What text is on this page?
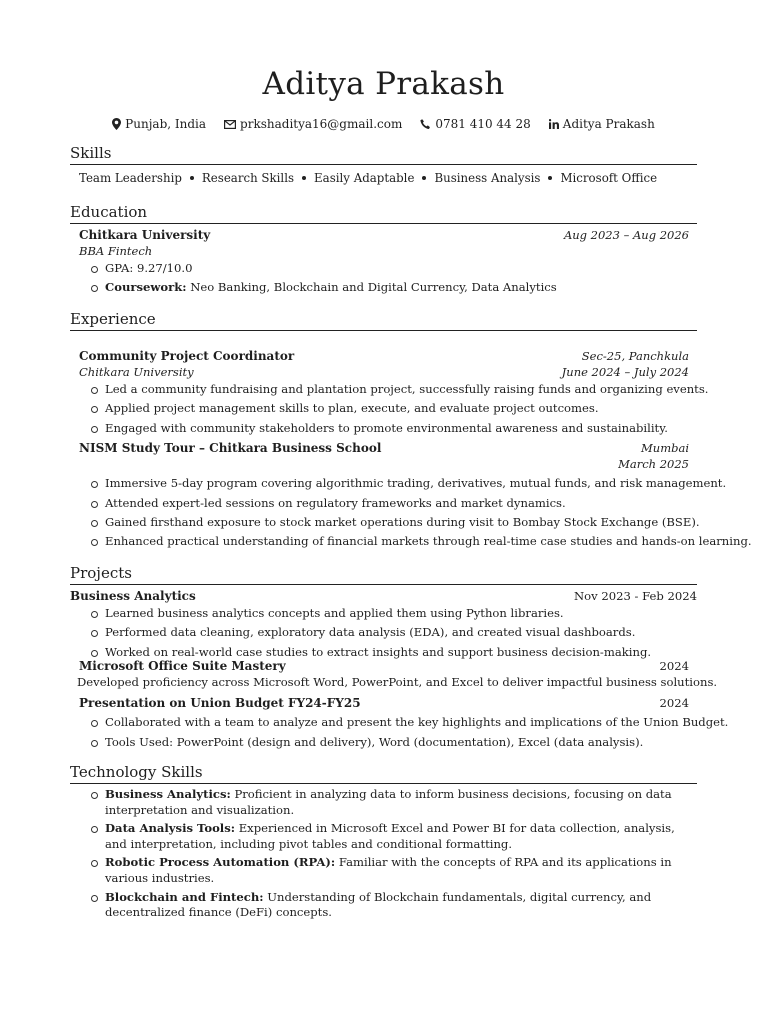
Aditya Prakash
Punjab, India	prkshaditya16@gmail.com	0781 410 44 28	Aditya Prakash
Skills
Team Leadership Research Skills Easily Adaptable Business Analysis Microsoft Office
Education
Chitkara University	Aug 2023 – Aug 2026
BBA Fintech
GPA: 9.27/10.0
Coursework: Neo Banking, Blockchain and Digital Currency, Data Analytics
Experience
Community Project Coordinator	Sec-25, Panchkula
Chitkara University	June 2024 – July 2024
Led a community fundraising and plantation project, successfully raising funds and organizing events.
Applied project management skills to plan, execute, and evaluate project outcomes.
Engaged with community stakeholders to promote environmental awareness and sustainability.
NISM Study Tour – Chitkara Business School	Mumbai
March 2025
Immersive 5-day program covering algorithmic trading, derivatives, mutual funds, and risk management.
Attended expert-led sessions on regulatory frameworks and market dynamics.
Gained firsthand exposure to stock market operations during visit to Bombay Stock Exchange (BSE).
Enhanced practical understanding of financial markets through real-time case studies and hands-on learning.
Projects
Business Analytics	Nov 2023 - Feb 2024
Learned business analytics concepts and applied them using Python libraries.
Performed data cleaning, exploratory data analysis (EDA), and created visual dashboards.
Worked on real-world case studies to extract insights and support business decision-making.
Microsoft Office Suite Mastery	2024
Developed proficiency across Microsoft Word, PowerPoint, and Excel to deliver impactful business solutions.
Presentation on Union Budget FY24-FY25	2024
Collaborated with a team to analyze and present the key highlights and implications of the Union Budget.
Tools Used: PowerPoint (design and delivery), Word (documentation), Excel (data analysis).
Technology Skills
Business Analytics: Proficient in analyzing data to inform business decisions, focusing on data interpretation and visualization.
Data Analysis Tools: Experienced in Microsoft Excel and Power BI for data collection, analysis, and interpretation, including pivot tables and conditional formatting.
Robotic Process Automation (RPA): Familiar with the concepts of RPA and its applications in various industries.
Blockchain and Fintech: Understanding of Blockchain fundamentals, digital currency, and decentralized finance (DeFi) concepts.
